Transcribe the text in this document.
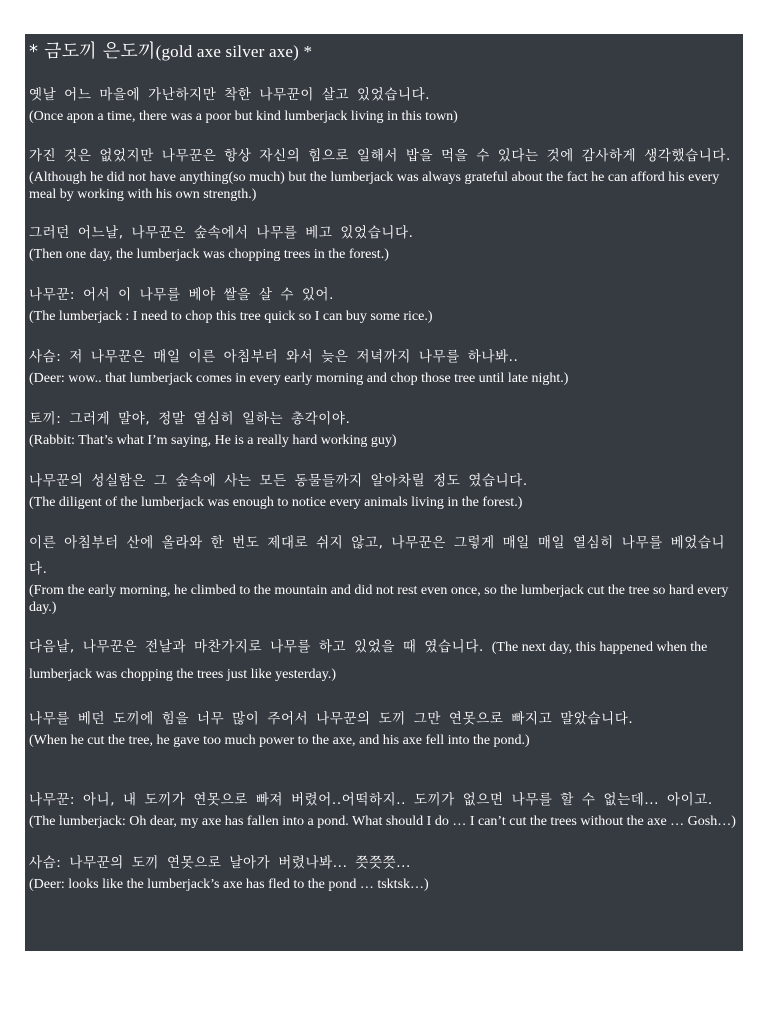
* 금도끼 은도끼(gold axe silver axe) *
옛날 어느 마을에 가난하지만 착한 나무꾼이 살고 있었습니다.
(Once apon a time, there was a poor but kind lumberjack living in this town)
가진 것은 없었지만 나무꾼은 항상 자신의 힘으로 일해서 밥을 먹을 수 있다는 것에 감사하게 생각했습니다.
(Although he did not have anything(so much) but the lumberjack was always grateful about the fact he can afford his every meal by working with his own strength.)
그러던 어느날, 나무꾼은 숲속에서 나무를 베고 있었습니다.
(Then one day, the lumberjack was chopping trees in the forest.)
나무꾼: 어서 이 나무를 베야 쌀을 살 수 있어.
(The lumberjack : I need to chop this tree quick so I can buy some rice.)
사슴: 저 나무꾼은 매일 이른 아침부터 와서 늦은 저녁까지 나무를 하나봐..
(Deer: wow.. that lumberjack comes in every early morning and chop those tree until late night.)
토끼: 그러게 말야, 정말 열심히 일하는 총각이야.
(Rabbit: That’s what I’m saying, He is a really hard working guy)
나무꾼의 성실함은 그 숲속에 사는 모든 동물들까지 알아차릴 정도 였습니다.
(The diligent of the lumberjack was enough to notice every animals living in the forest.)
이른 아침부터 산에 올라와 한 번도 제대로 쉬지 않고, 나무꾼은 그렇게 매일 매일 열심히 나무를 베었습니다.
(From the early morning, he climbed to the mountain and did not rest even once, so the lumberjack cut the tree so hard every day.)
다음날, 나무꾼은 전날과 마찬가지로 나무를 하고 있었을 때 였습니다. (The next day, this happened when the lumberjack was chopping the trees just like yesterday.)
나무를 베던 도끼에 힘을 너무 많이 주어서 나무꾼의 도끼 그만 연못으로 빠지고 말았습니다.
(When he cut the tree, he gave too much power to the axe, and his axe fell into the pond.)
나무꾼: 아니, 내 도끼가 연못으로 빠져 버렸어..어떡하지.. 도끼가 없으면 나무를 할 수 없는데... 아이고.
(The lumberjack: Oh dear, my axe has fallen into a pond. What should I do … I can’t cut the trees without the axe … Gosh…)
사슴: 나무꾼의 도끼 연못으로 날아가 버렸나봐... 쯧쯧쯧...
(Deer: looks like the lumberjack’s axe has fled to the pond … tsktsk…)
